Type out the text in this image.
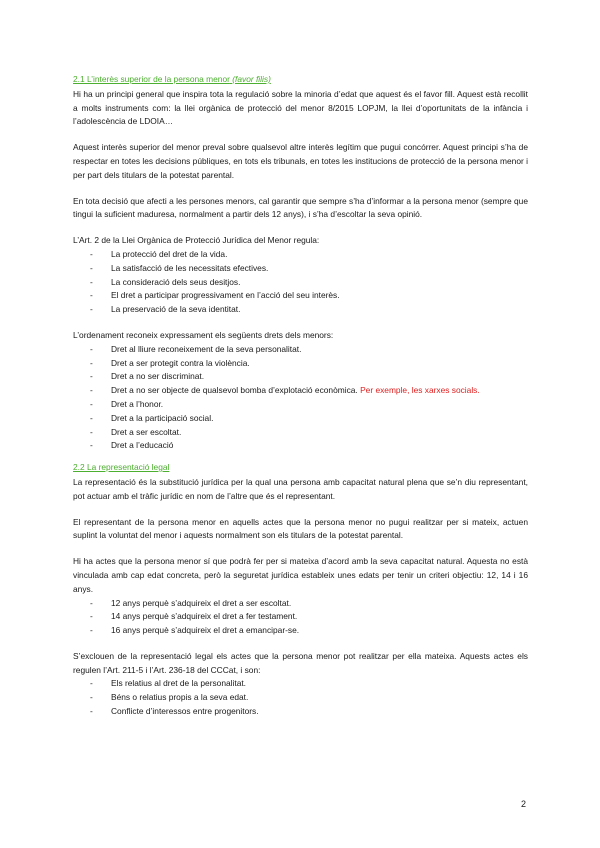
2.1 L’interès superior de la persona menor (favor filis)

Hi ha un principi general que inspira tota la regulació sobre la minoria d’edat que aquest és el favor fill. Aquest està recollit a molts instruments com: la llei orgànica de protecció del menor 8/2015 LOPJM, la llei d’oportunitats de la infància i l’adolescència de LDOIA…

Aquest interès superior del menor preval sobre qualsevol altre interès legítim que pugui concórrer. Aquest principi s’ha de respectar en totes les decisions públiques, en tots els tribunals, en totes les institucions de protecció de la persona menor i per part dels titulars de la potestat parental.

En tota decisió que afecti a les persones menors, cal garantir que sempre s’ha d’informar a la persona menor (sempre que tingui la suficient maduresa, normalment a partir dels 12 anys), i s’ha d’escoltar la seva opinió.

L’Art. 2 de la Llei Orgànica de Protecció Jurídica del Menor regula:

- La protecció del dret de la vida.
- La satisfacció de les necessitats efectives.
- La consideració dels seus desitjos.
- El dret a participar progressivament en l’acció del seu interès.
- La preservació de la seva identitat.

L’ordenament reconeix expressament els següents drets dels menors:

- Dret al lliure reconeixement de la seva personalitat.
- Dret a ser protegit contra la violència.
- Dret a no ser discriminat.
- Dret a no ser objecte de qualsevol bomba d’explotació econòmica. Per exemple, les xarxes socials.
- Dret a l’honor.
- Dret a la participació social.
- Dret a ser escoltat.
- Dret a l’educació
2.2 La representació legal

La representació és la substitució jurídica per la qual una persona amb capacitat natural plena que se’n diu representant, pot actuar amb el tràfic jurídic en nom de l’altre que és el representant.

El representant de la persona menor en aquells actes que la persona menor no pugui realitzar per si mateix, actuen suplint la voluntat del menor i aquests normalment son els titulars de la potestat parental.

Hi ha actes que la persona menor sí que podrà fer per si mateixa d’acord amb la seva capacitat natural. Aquesta no està vinculada amb cap edat concreta, però la seguretat jurídica estableix unes edats per tenir un criteri objectiu: 12, 14 i 16 anys.

- 12 anys perquè s’adquireix el dret a ser escoltat.
- 14 anys perquè s’adquireix el dret a fer testament.
- 16 anys perquè s’adquireix el dret a emancipar-se.

S’exclouen de la representació legal els actes que la persona menor pot realitzar per ella mateixa. Aquests actes els regulen l’Art. 211-5 i l’Art. 236-18 del CCCat, i son:

- Els relatius al dret de la personalitat.
- Béns o relatius propis a la seva edat.
- Conflicte d’interessos entre progenitors.
2
